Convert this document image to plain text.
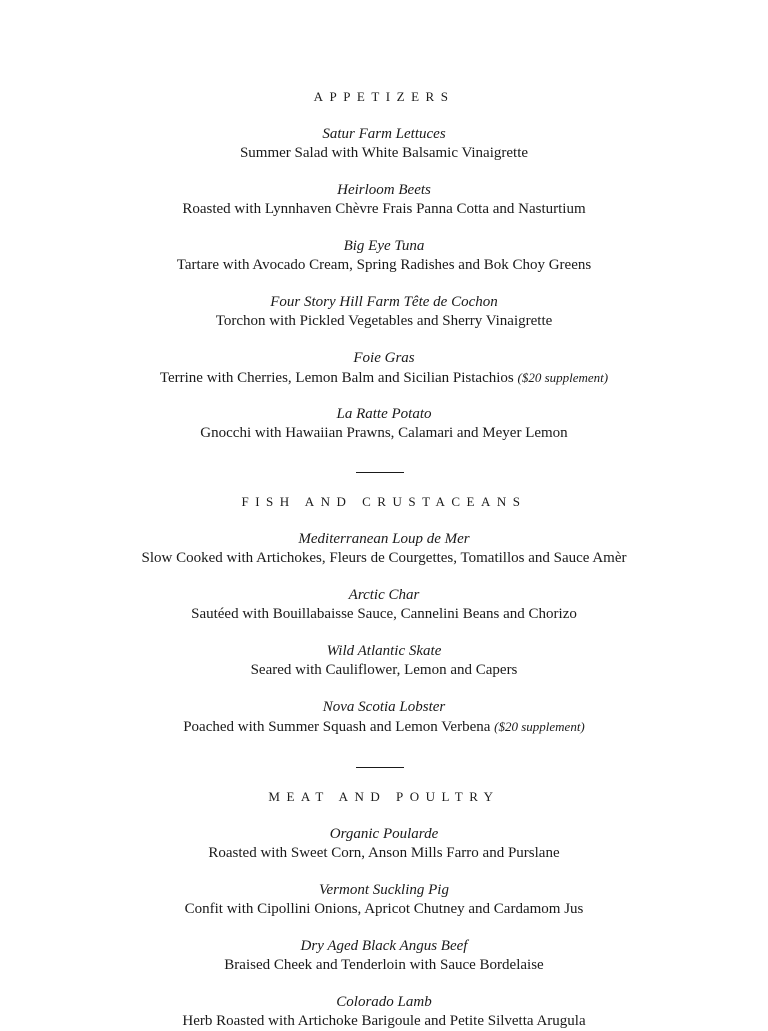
APPETIZERS
Satur Farm Lettuces
Summer Salad with White Balsamic Vinaigrette
Heirloom Beets
Roasted with Lynnhaven Chèvre Frais Panna Cotta and Nasturtium
Big Eye Tuna
Tartare with Avocado Cream, Spring Radishes and Bok Choy Greens
Four Story Hill Farm Tête de Cochon
Torchon with Pickled Vegetables and Sherry Vinaigrette
Foie Gras
Terrine with Cherries, Lemon Balm and Sicilian Pistachios ($20 supplement)
La Ratte Potato
Gnocchi with Hawaiian Prawns, Calamari and Meyer Lemon
FISH AND CRUSTACEANS
Mediterranean Loup de Mer
Slow Cooked with Artichokes, Fleurs de Courgettes, Tomatillos and Sauce Amèr
Arctic Char
Sautéed with Bouillabaisse Sauce, Cannelini Beans and Chorizo
Wild Atlantic Skate
Seared with Cauliflower, Lemon and Capers
Nova Scotia Lobster
Poached with Summer Squash and Lemon Verbena ($20 supplement)
MEAT AND POULTRY
Organic Poularde
Roasted with Sweet Corn, Anson Mills Farro and Purslane
Vermont Suckling Pig
Confit with Cipollini Onions, Apricot Chutney and Cardamom Jus
Dry Aged Black Angus Beef
Braised Cheek and Tenderloin with Sauce Bordelaise
Colorado Lamb
Herb Roasted with Artichoke Barigoule and Petite Silvetta Arugula
